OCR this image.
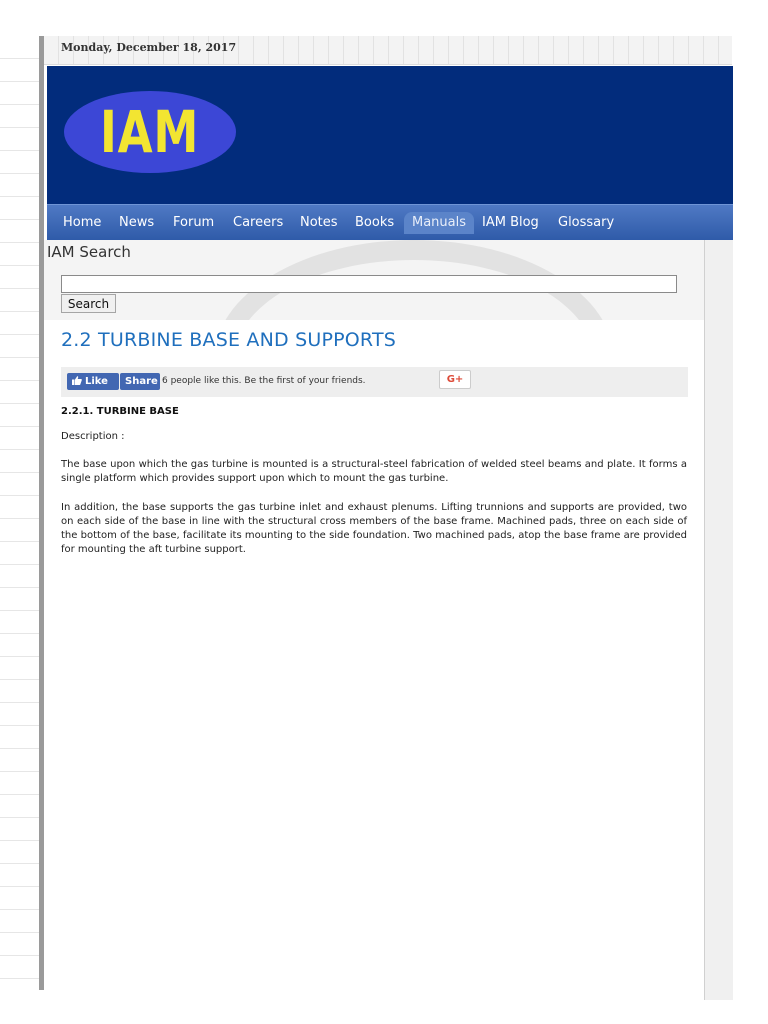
Monday, December 18, 2017
IAM
Home	News	Forum	Careers	Notes	Books	Manuals	IAM Blog	Glossary
IAM Search
Search
2.2 TURBINE BASE AND SUPPORTS
Like	Share 6 people like this. Be the first of your friends.	G+
2.2.1. TURBINE BASE
Description :

The base upon which the gas turbine is mounted is a structural-steel fabrication of welded steel beams and plate. It forms a single platform which provides support upon which to mount the gas turbine.

In addition, the base supports the gas turbine inlet and exhaust plenums. Lifting trunnions and supports are provided, two on each side of the base in line with the structural cross members of the base frame. Machined pads, three on each side of the bottom of the base, facilitate its mounting to the side foundation. Two machined pads, atop the base frame are provided for mounting the aft turbine support.
